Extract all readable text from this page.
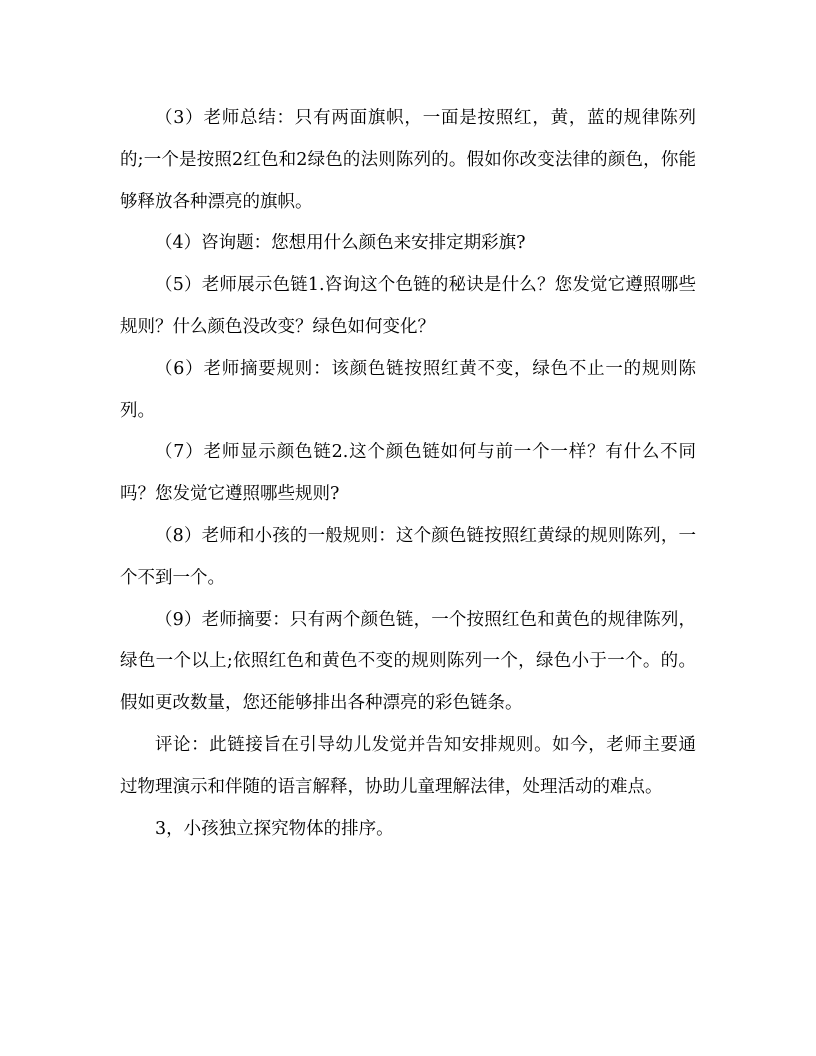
（3）老师总结：只有两面旗帜，一面是按照红，黄，蓝的规律陈列的;一个是按照2红色和2绿色的法则陈列的。假如你改变法律的颜色，你能够释放各种漂亮的旗帜。

（4）咨询题：您想用什么颜色来安排定期彩旗?

（5）老师展示色链1.咨询这个色链的秘诀是什么？您发觉它遵照哪些规则？什么颜色没改变？绿色如何变化？

（6）老师摘要规则：该颜色链按照红黄不变，绿色不止一的规则陈列。

（7）老师显示颜色链2.这个颜色链如何与前一个一样？有什么不同吗？您发觉它遵照哪些规则?

（8）老师和小孩的一般规则：这个颜色链按照红黄绿的规则陈列，一个不到一个。

（9）老师摘要：只有两个颜色链，一个按照红色和黄色的规律陈列，绿色一个以上;依照红色和黄色不变的规则陈列一个，绿色小于一个。的。假如更改数量，您还能够排出各种漂亮的彩色链条。

评论：此链接旨在引导幼儿发觉并告知安排规则。如今，老师主要通过物理演示和伴随的语言解释，协助儿童理解法律，处理活动的难点。

3，小孩独立探究物体的排序。
